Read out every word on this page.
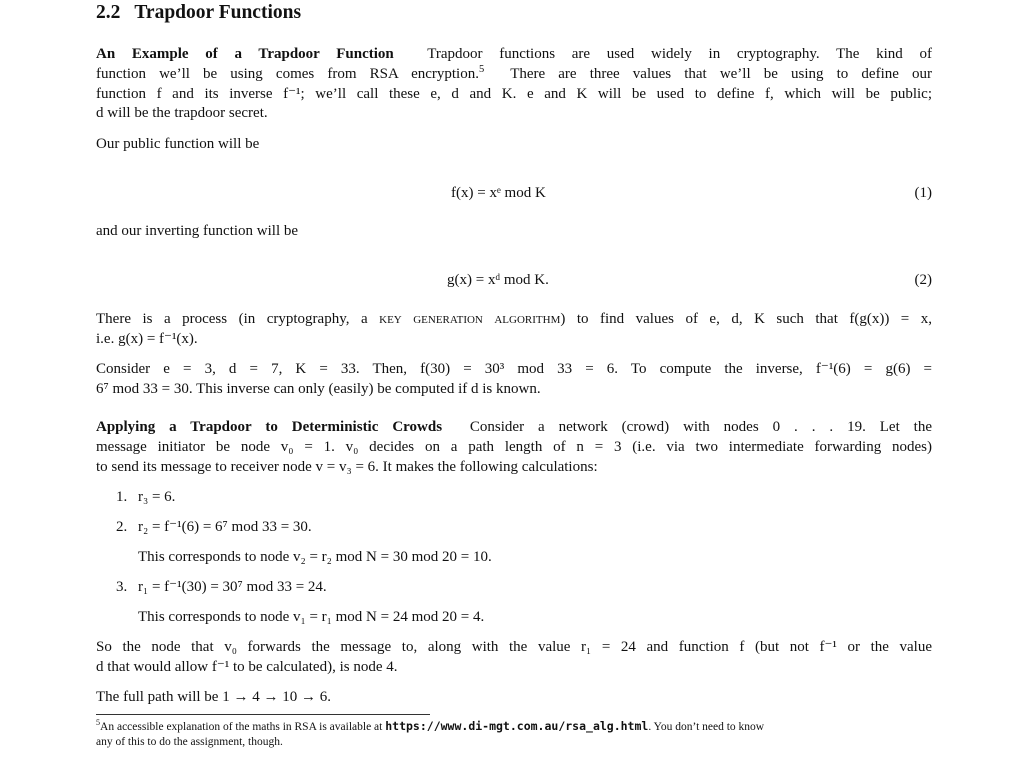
2.2 Trapdoor Functions
An Example of a Trapdoor Function Trapdoor functions are used widely in cryptography. The kind of
function we’ll be using comes from RSA encryption.$^5$ There are three values that we’ll be using to define our
function f and its inverse f⁻¹; we’ll call these e, d and K. e and K will be used to define f, which will be public;
d will be the trapdoor secret.
Our public function will be
f(x) = xᵉ mod K	(1)
and our inverting function will be
g(x) = xᵈ mod K.	(2)
There is a process (in cryptography, a key generation algorithm) to find values of e, d, K such that f(g(x)) = x,
i.e. g(x) = f⁻¹(x).
Consider e = 3, d = 7, K = 33. Then, f(30) = 30³ mod 33 = 6. To compute the inverse, f⁻¹(6) = g(6) =
6⁷ mod 33 = 30. This inverse can only (easily) be computed if d is known.
Applying a Trapdoor to Deterministic Crowds Consider a network (crowd) with nodes 0 . . . 19. Let the
message initiator be node v₀ = 1. v₀ decides on a path length of n = 3 (i.e. via two intermediate forwarding nodes)
to send its message to receiver node v = v₃ = 6. It makes the following calculations:
1. r₃ = 6.
2. r₂ = f⁻¹(6) = 6⁷ mod 33 = 30.
This corresponds to node v₂ = r₂ mod N = 30 mod 20 = 10.
3. r₁ = f⁻¹(30) = 30⁷ mod 33 = 24.
This corresponds to node v₁ = r₁ mod N = 24 mod 20 = 4.
So the node that v₀ forwards the message to, along with the value r₁ = 24 and function f (but not f⁻¹ or the value
d that would allow f⁻¹ to be calculated), is node 4.
The full path will be 1 → 4 → 10 → 6.
$^5$An accessible explanation of the maths in RSA is available at https://www.di-mgt.com.au/rsa_alg.html. You don’t need to know
any of this to do the assignment, though.
